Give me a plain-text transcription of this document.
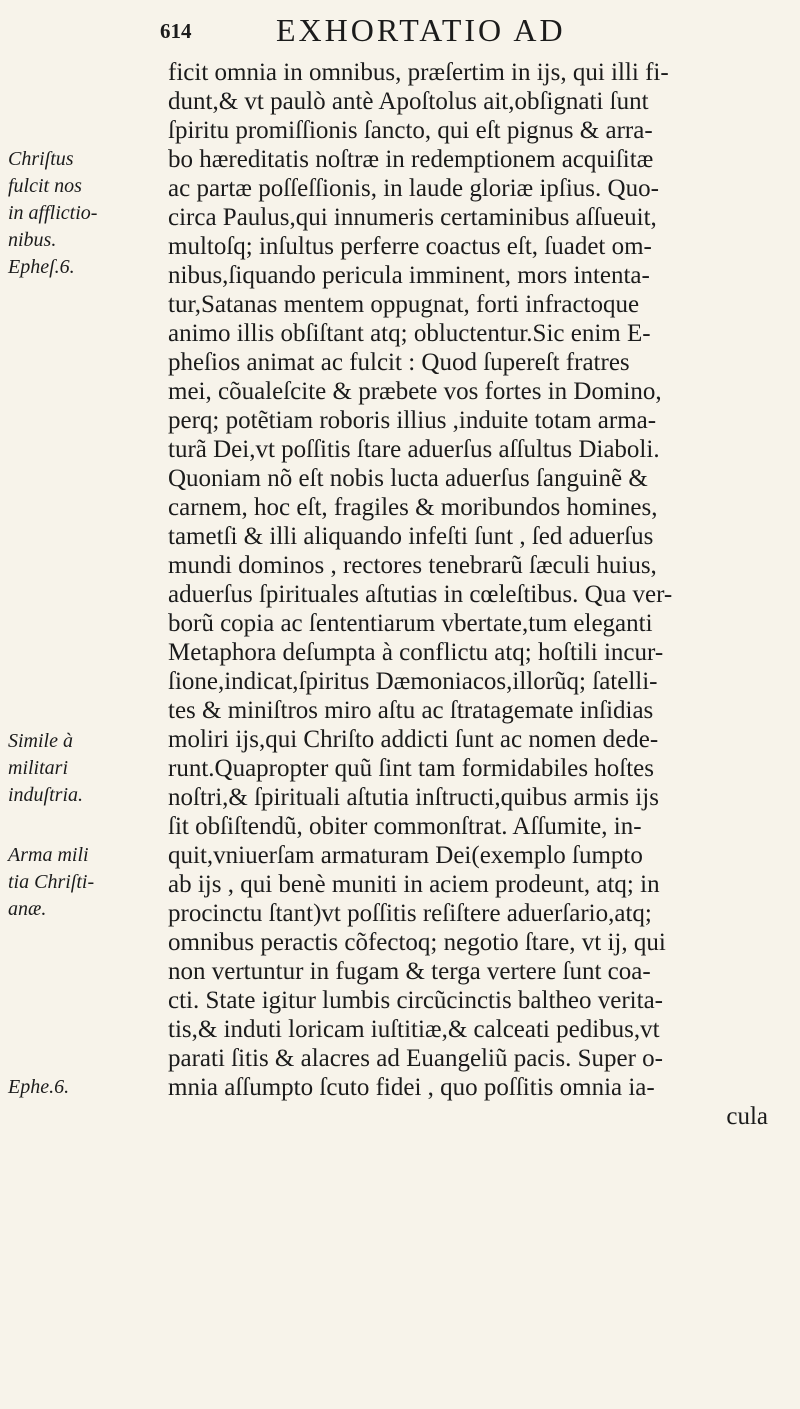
614	EXHORTATIO AD
Chriſtus
fulcit nos
in afflictio-
nibus.
Epheſ.6.
Simile à
militari
induſtria.
Arma mili
tia Chriſti-
anæ.
Ephe.6.
ficit omnia in omnibus, præſertim in ijs, qui illi fi-
dunt,& vt paulò antè Apoſtolus ait,obſignati ſunt
ſpiritu promiſſionis ſancto, qui eſt pignus & arra-
bo hæreditatis noſtræ in redemptionem acquiſitæ
ac partæ poſſeſſionis, in laude gloriæ ipſius. Quo-
circa Paulus,qui innumeris certaminibus aſſueuit,
multoſq; inſultus perferre coactus eſt, ſuadet om-
nibus,ſiquando pericula imminent, mors intenta-
tur,Satanas mentem oppugnat, forti infractoque
animo illis obſiſtant atq; obluctentur.Sic enim E-
pheſios animat ac fulcit : Quod ſupereſt fratres
mei, cõualeſcite & præbete vos fortes in Domino,
perq; potẽtiam roboris illius ,induite totam arma-
turã Dei,vt poſſitis ſtare aduerſus aſſultus Diaboli.
Quoniam nõ eſt nobis lucta aduerſus ſanguinẽ &
carnem, hoc eſt, fragiles & moribundos homines,
tametſi & illi aliquando infeſti ſunt , ſed aduerſus
mundi dominos , rectores tenebrarũ ſæculi huius,
aduerſus ſpirituales aſtutias in cœleſtibus. Qua ver-
borũ copia ac ſententiarum vbertate,tum eleganti
Metaphora deſumpta à conflictu atq; hoſtili incur-
ſione,indicat,ſpiritus Dæmoniacos,illorũq; ſatelli-
tes & miniſtros miro aſtu ac ſtratagemate inſidias
moliri ijs,qui Chriſto addicti ſunt ac nomen dede-
runt.Quapropter quũ ſint tam formidabiles hoſtes
noſtri,& ſpirituali aſtutia inſtructi,quibus armis ijs
ſit obſiſtendũ, obiter commonſtrat. Aſſumite, in-
quit,vniuerſam armaturam Dei(exemplo ſumpto
ab ijs , qui benè muniti in aciem prodeunt, atq; in
procinctu ſtant)vt poſſitis reſiſtere aduerſario,atq;
omnibus peractis cõfectoq; negotio ſtare, vt ij, qui
non vertuntur in fugam & terga vertere ſunt coa-
cti. State igitur lumbis circũcinctis baltheo verita-
tis,& induti loricam iuſtitiæ,& calceati pedibus,vt
parati ſitis & alacres ad Euangeliũ pacis. Super o-
mnia aſſumpto ſcuto fidei , quo poſſitis omnia ia-
cula
